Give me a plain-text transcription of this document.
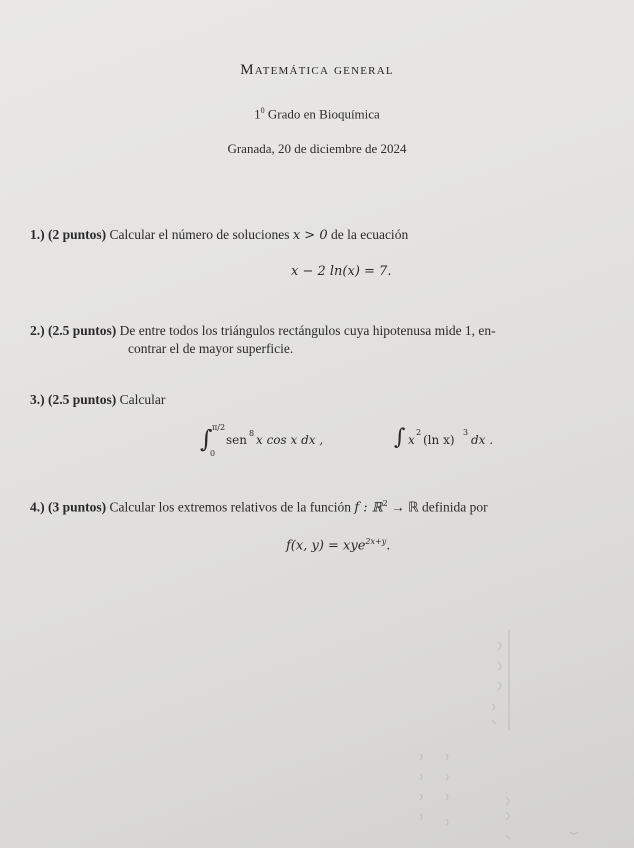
Matemática general
$1^0$ Grado en Bioquímica
Granada, 20 de diciembre de 2024
1.) (2 puntos) Calcular el número de soluciones x > 0 de la ecuación
x − 2 ln(x) = 7.
2.) (2.5 puntos) De entre todos los triángulos rectángulos cuya hipotenusa mide 1, en-
contrar el de mayor superficie.
3.) (2.5 puntos) Calcular
∫ π/2
0
sen 8 x cos x dx ,	∫ x
2
(ln x)
3
dx .
4.) (3 puntos) Calcular los extremos relativos de la función f : ℝ$^2$ → ℝ definida por
f(x, y) = xye$^{2x+y}$.
